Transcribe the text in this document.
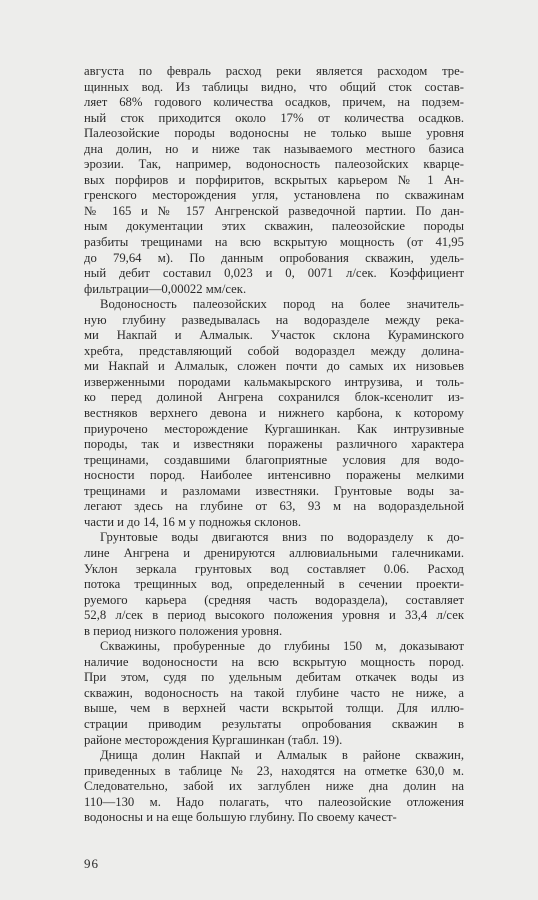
августа по февраль расход реки является расходом тре-
щинных вод. Из таблицы видно, что общий сток состав-
ляет 68% годового количества осадков, причем, на подзем-
ный сток приходится около 17% от количества осадков.
Палеозойские породы водоносны не только выше уровня
дна долин, но и ниже так называемого местного базиса
эрозии. Так, например, водоносность палеозойских кварце-
вых порфиров и порфиритов, вскрытых карьером № 1 Ан-
гренского месторождения угля, установлена по скважинам
№ 165 и № 157 Ангренской разведочной партии. По дан-
ным документации этих скважин, палеозойские породы
разбиты трещинами на всю вскрытую мощность (от 41,95
до 79,64 м). По данным опробования скважин, удель-
ный дебит составил 0,023 и 0, 0071 л/сек. Коэффициент
фильтрации—0,00022 мм/сек.
Водоносность палеозойских пород на более значитель-
ную глубину разведывалась на водоразделе между река-
ми Накпай и Алмалык. Участок склона Кураминского
хребта, представляющий собой водораздел между долина-
ми Накпай и Алмалык, сложен почти до самых их низовьев
изверженными породами кальмакырского интрузива, и толь-
ко перед долиной Ангрена сохранился блок-ксенолит из-
вестняков верхнего девона и нижнего карбона, к которому
приурочено месторождение Кургашинкан. Как интрузивные
породы, так и известняки поражены различного характера
трещинами, создавшими благоприятные условия для водо-
носности пород. Наиболее интенсивно поражены мелкими
трещинами и разломами известняки. Грунтовые воды за-
легают здесь на глубине от 63, 93 м на водораздельной
части и до 14, 16 м у подножья склонов.
Грунтовые воды двигаются вниз по водоразделу к до-
лине Ангрена и дренируются аллювиальными галечниками.
Уклон зеркала грунтовых вод составляет 0.06. Расход
потока трещинных вод, определенный в сечении проекти-
руемого карьера (средняя часть водораздела), составляет
52,8 л/сек в период высокого положения уровня и 33,4 л/сек
в период низкого положения уровня.
Скважины, пробуренные до глубины 150 м, доказывают
наличие водоносности на всю вскрытую мощность пород.
При этом, судя по удельным дебитам откачек воды из
скважин, водоносность на такой глубине часто не ниже, а
выше, чем в верхней части вскрытой толщи. Для иллю-
страции приводим результаты опробования скважин в
районе месторождения Кургашинкан (табл. 19).
Днища долин Накпай и Алмалык в районе скважин,
приведенных в таблице № 23, находятся на отметке 630,0 м.
Следовательно, забой их заглублен ниже дна долин на
110—130 м. Надо полагать, что палеозойские отложения
водоносны и на еще большую глубину. По своему качест-
96
